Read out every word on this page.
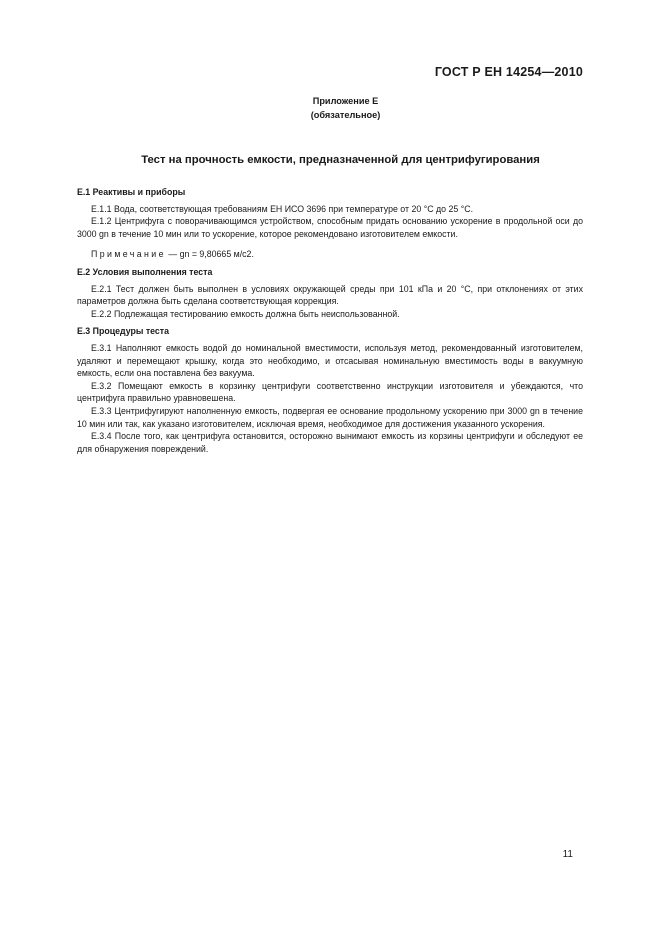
ГОСТ Р ЕН 14254—2010
Приложение Е
(обязательное)
Тест на прочность емкости, предназначенной для центрифугирования

Е.1 Реактивы и приборы

Е.1.1 Вода, соответствующая требованиям ЕН ИСО 3696 при температуре от 20 °С до 25 °С.

Е.1.2 Центрифуга с поворачивающимся устройством, способным придать основанию ускорение в продольной оси до 3000 gn в течение 10 мин или то ускорение, которое рекомендовано изготовителем емкости.

Примечание — gn = 9,80665 м/с2.

Е.2 Условия выполнения теста

Е.2.1 Тест должен быть выполнен в условиях окружающей среды при 101 кПа и 20 °С, при отклонениях от этих параметров должна быть сделана соответствующая коррекция.

Е.2.2 Подлежащая тестированию емкость должна быть неиспользованной.

Е.3 Процедуры теста

Е.3.1 Наполняют емкость водой до номинальной вместимости, используя метод, рекомендованный изготовителем, удаляют и перемещают крышку, когда это необходимо, и отсасывая номинальную вместимость воды в вакуумную емкость, если она поставлена без вакуума.

Е.3.2 Помещают емкость в корзинку центрифуги соответственно инструкции изготовителя и убеждаются, что центрифуга правильно уравновешена.

Е.3.3 Центрифугируют наполненную емкость, подвергая ее основание продольному ускорению при 3000 gn в течение 10 мин или так, как указано изготовителем, исключая время, необходимое для достижения указанного ускорения.

Е.3.4 После того, как центрифуга остановится, осторожно вынимают емкость из корзины центрифуги и обследуют ее для обнаружения повреждений.

11
